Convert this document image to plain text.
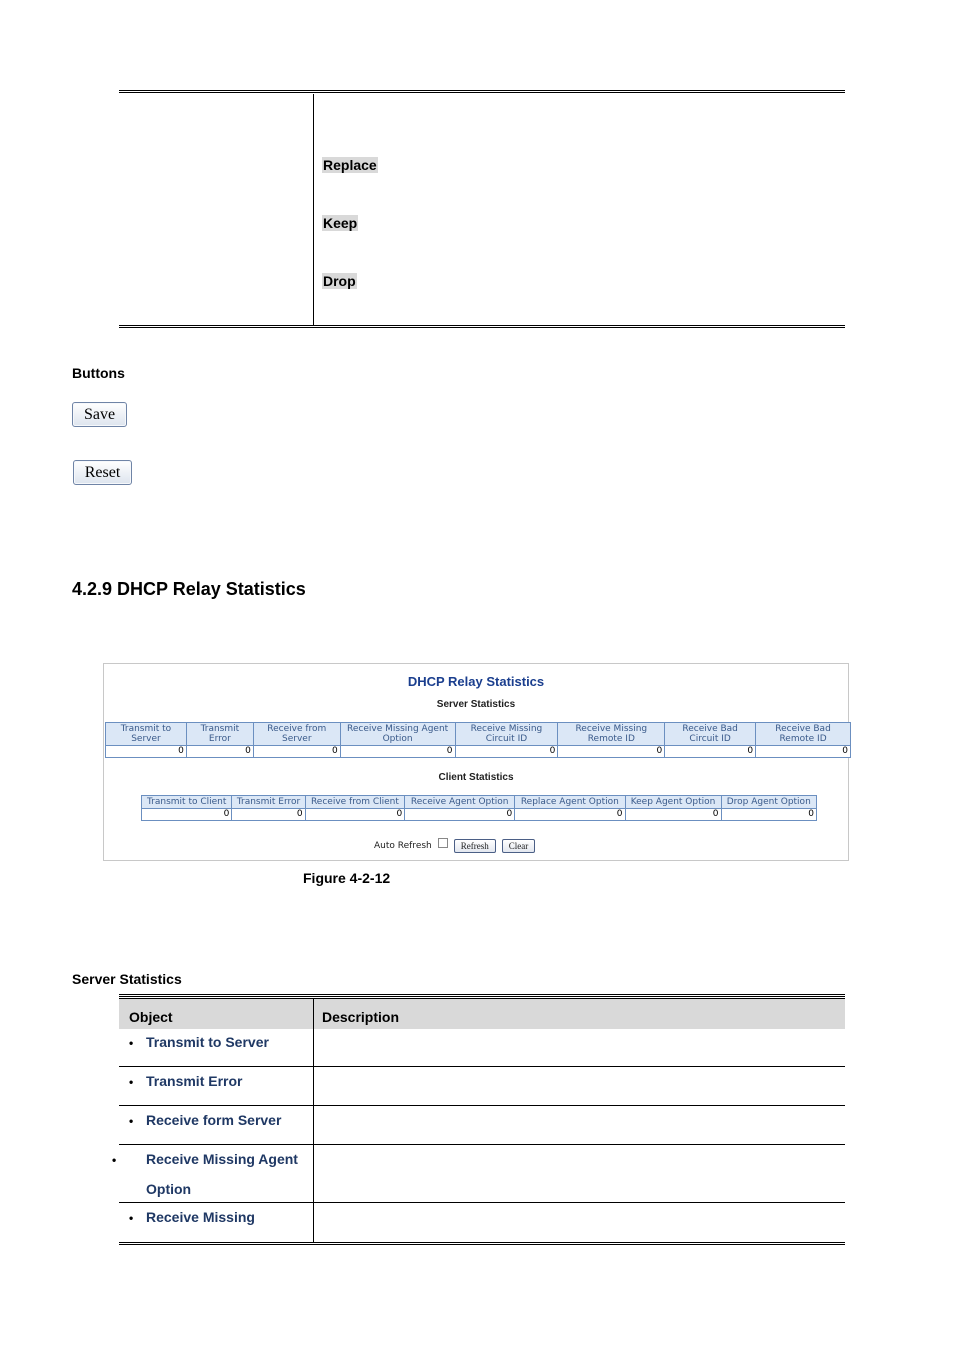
Replace
Keep
Drop
Buttons
Save
Reset
4.2.9 DHCP Relay Statistics
DHCP Relay Statistics
Server Statistics
Transmit to Server	Transmit Error	Receive from Server	Receive Missing Agent Option	Receive Missing Circuit ID	Receive Missing Remote ID	Receive Bad Circuit ID	Receive Bad Remote ID
0	0	0	0	0	0	0	0
Client Statistics
Transmit to Client	Transmit Error	Receive from Client	Receive Agent Option	Replace Agent Option	Keep Agent Option	Drop Agent Option
0	0	0	0	0	0	0
Auto Refresh	Refresh	Clear
Figure 4-2-12
Server Statistics
Object	Description
• Transmit to Server
• Transmit Error
• Receive form Server
• Receive Missing Agent Option
• Receive Missing
